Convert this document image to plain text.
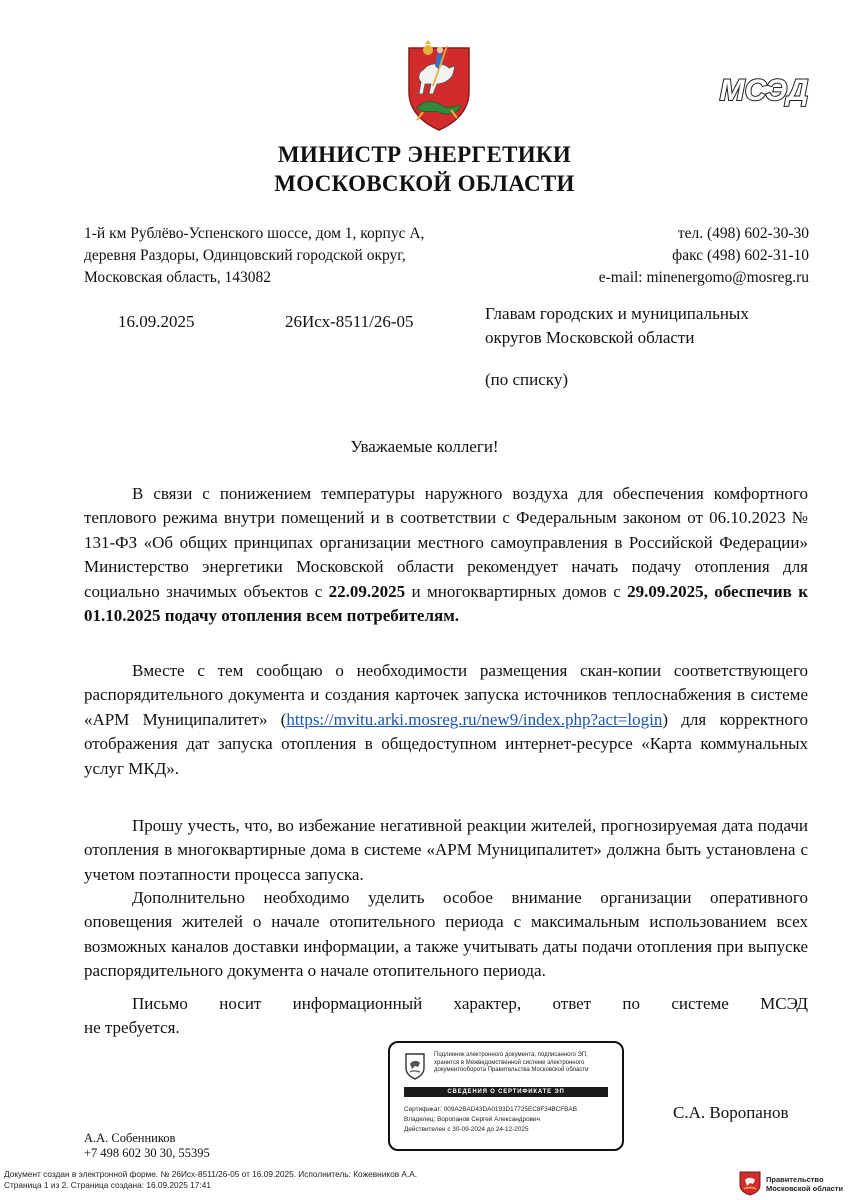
МСЭД
МИНИСТР ЭНЕРГЕТИКИ
МОСКОВСКОЙ ОБЛАСТИ
1-й км Рублёво-Успенского шоссе, дом 1, корпус А,
деревня Раздоры, Одинцовский городской округ,
Московская область, 143082
тел. (498) 602-30-30
факс (498) 602-31-10
e-mail: minenergomo@mosreg.ru
16.09.2025	26Исх-8511/26-05	Главам городских и муниципальных
округов Московской области
(по списку)
Уважаемые коллеги!

В связи с понижением температуры наружного воздуха для обеспечения комфортного теплового режима внутри помещений и в соответствии с Федеральным законом от 06.10.2023 № 131-ФЗ «Об общих принципах организации местного самоуправления в Российской Федерации» Министерство энергетики Московской области рекомендует начать подачу отопления для социально значимых объектов с 22.09.2025 и многоквартирных домов с 29.09.2025, обеспечив к 01.10.2025 подачу отопления всем потребителям.

Вместе с тем сообщаю о необходимости размещения скан-копии соответствующего распорядительного документа и создания карточек запуска источников теплоснабжения в системе «АРМ Муниципалитет» (https://mvitu.arki.mosreg.ru/new9/index.php?act=login) для корректного отображения дат запуска отопления в общедоступном интернет-ресурсе «Карта коммунальных услуг МКД».

Прошу учесть, что, во избежание негативной реакции жителей, прогнозируемая дата подачи отопления в многоквартирные дома в системе «АРМ Муниципалитет» должна быть установлена с учетом поэтапности процесса запуска.

Дополнительно необходимо уделить особое внимание организации оперативного оповещения жителей о начале отопительного периода с максимальным использованием всех возможных каналов доставки информации, а также учитывать даты подачи отопления при выпуске распорядительного документа о начале отопительного периода.

Письмо носит информационный характер, ответ по системе МСЭД

не требуется.

Подлинник электронного документа, подписанного ЭП, хранится в Межведомственной системе электронного документооборота Правительства Московской области
СВЕДЕНИЯ О СЕРТИФИКАТЕ ЭП
Сертификат: 009A2BAD43DA0193D17725EC8F34BCFBAB
Владелец: Воропанов Сергей Александрович
Действителен с 30-09-2024 до 24-12-2025
С.А. Воропанов
А.А. Собенников
+7 498 602 30 30, 55395
Документ создан в электронной форме. № 26Исх-8511/26-05 от 16.09.2025. Исполнитель: Кожевников А.А.
Страница 1 из 2. Страница создана: 16.09.2025 17:41
Правительство
Московской области
